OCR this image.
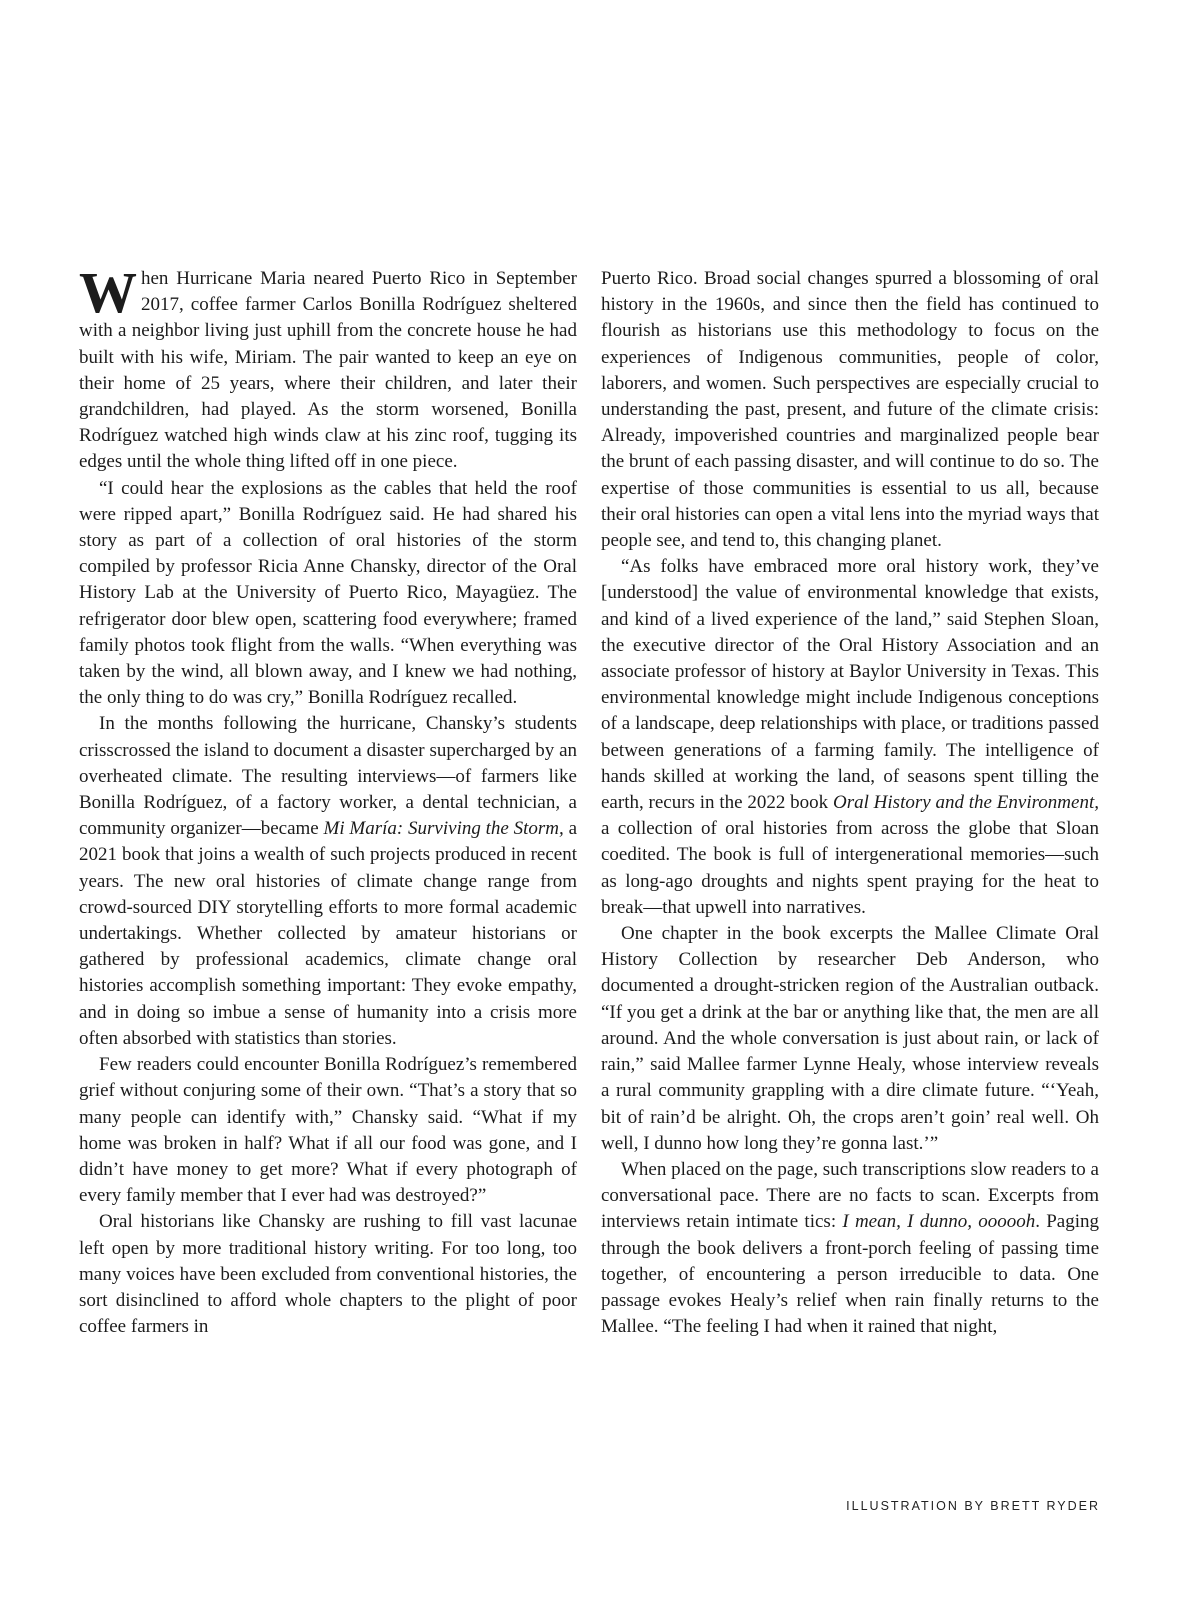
When Hurricane Maria neared Puerto Rico in September 2017, coffee farmer Carlos Bonilla Rodríguez sheltered with a neighbor living just uphill from the concrete house he had built with his wife, Miriam. The pair wanted to keep an eye on their home of 25 years, where their children, and later their grandchildren, had played. As the storm worsened, Bonilla Rodríguez watched high winds claw at his zinc roof, tugging its edges until the whole thing lifted off in one piece.

“I could hear the explosions as the cables that held the roof were ripped apart,” Bonilla Rodríguez said. He had shared his story as part of a collection of oral histories of the storm compiled by professor Ricia Anne Chansky, director of the Oral History Lab at the University of Puerto Rico, Mayagüez. The refrigerator door blew open, scattering food everywhere; framed family photos took flight from the walls. “When everything was taken by the wind, all blown away, and I knew we had nothing, the only thing to do was cry,” Bonilla Rodríguez recalled.

In the months following the hurricane, Chansky’s students crisscrossed the island to document a disaster supercharged by an overheated climate. The resulting interviews—of farmers like Bonilla Rodríguez, of a factory worker, a dental technician, a community organizer—became Mi María: Surviving the Storm, a 2021 book that joins a wealth of such projects produced in recent years. The new oral histories of climate change range from crowd-sourced DIY storytelling efforts to more formal academic undertakings. Whether collected by amateur historians or gathered by professional academics, climate change oral histories accomplish something important: They evoke empathy, and in doing so imbue a sense of humanity into a crisis more often absorbed with statistics than stories.

Few readers could encounter Bonilla Rodríguez’s remembered grief without conjuring some of their own. “That’s a story that so many people can identify with,” Chansky said. “What if my home was broken in half? What if all our food was gone, and I didn’t have money to get more? What if every photograph of every family member that I ever had was destroyed?”

Oral historians like Chansky are rushing to fill vast lacunae left open by more traditional history writing. For too long, too many voices have been excluded from conventional histories, the sort disinclined to afford whole chapters to the plight of poor coffee farmers in

Puerto Rico. Broad social changes spurred a blossoming of oral history in the 1960s, and since then the field has continued to flourish as historians use this methodology to focus on the experiences of Indigenous communities, people of color, laborers, and women. Such perspectives are especially crucial to understanding the past, present, and future of the climate crisis: Already, impoverished countries and marginalized people bear the brunt of each passing disaster, and will continue to do so. The expertise of those communities is essential to us all, because their oral histories can open a vital lens into the myriad ways that people see, and tend to, this changing planet.

“As folks have embraced more oral history work, they’ve [understood] the value of environmental knowledge that exists, and kind of a lived experience of the land,” said Stephen Sloan, the executive director of the Oral History Association and an associate professor of history at Baylor University in Texas. This environmental knowledge might include Indigenous conceptions of a landscape, deep relationships with place, or traditions passed between generations of a farming family. The intelligence of hands skilled at working the land, of seasons spent tilling the earth, recurs in the 2022 book Oral History and the Environment, a collection of oral histories from across the globe that Sloan coedited. The book is full of intergenerational memories—such as long-ago droughts and nights spent praying for the heat to break—that upwell into narratives.

One chapter in the book excerpts the Mallee Climate Oral History Collection by researcher Deb Anderson, who documented a drought-stricken region of the Australian outback. “If you get a drink at the bar or anything like that, the men are all around. And the whole conversation is just about rain, or lack of rain,” said Mallee farmer Lynne Healy, whose interview reveals a rural community grappling with a dire climate future. “‘Yeah, bit of rain’d be alright. Oh, the crops aren’t goin’ real well. Oh well, I dunno how long they’re gonna last.’”

When placed on the page, such transcriptions slow readers to a conversational pace. There are no facts to scan. Excerpts from interviews retain intimate tics: I mean, I dunno, oooooh. Paging through the book delivers a front-porch feeling of passing time together, of encountering a person irreducible to data. One passage evokes Healy’s relief when rain finally returns to the Mallee. “The feeling I had when it rained that night,

ILLUSTRATION BY BRETT RYDER
